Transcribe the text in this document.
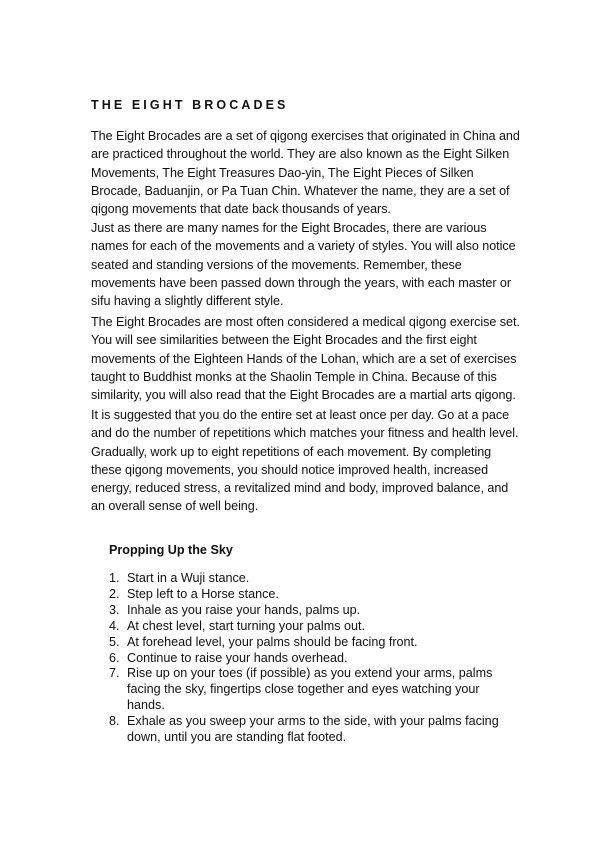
THE EIGHT BROCADES

The Eight Brocades are a set of qigong exercises that originated in China and are practiced throughout the world. They are also known as the Eight Silken Movements, The Eight Treasures Dao-yin, The Eight Pieces of Silken Brocade, Baduanjin, or Pa Tuan Chin. Whatever the name, they are a set of qigong movements that date back thousands of years.

Just as there are many names for the Eight Brocades, there are various names for each of the movements and a variety of styles. You will also notice seated and standing versions of the movements. Remember, these movements have been passed down through the years, with each master or sifu having a slightly different style.

The Eight Brocades are most often considered a medical qigong exercise set. You will see similarities between the Eight Brocades and the first eight movements of the Eighteen Hands of the Lohan, which are a set of exercises taught to Buddhist monks at the Shaolin Temple in China. Because of this similarity, you will also read that the Eight Brocades are a martial arts qigong.

It is suggested that you do the entire set at least once per day. Go at a pace and do the number of repetitions which matches your fitness and health level. Gradually, work up to eight repetitions of each movement. By completing these qigong movements, you should notice improved health, increased energy, reduced stress, a revitalized mind and body, improved balance, and an overall sense of well being.

Propping Up the Sky
1. Start in a Wuji stance.
2. Step left to a Horse stance.
3. Inhale as you raise your hands, palms up.
4. At chest level, start turning your palms out.
5. At forehead level, your palms should be facing front.
6. Continue to raise your hands overhead.
7. Rise up on your toes (if possible) as you extend your arms, palms facing the sky, fingertips close together and eyes watching your hands.
8. Exhale as you sweep your arms to the side, with your palms facing down, until you are standing flat footed.
